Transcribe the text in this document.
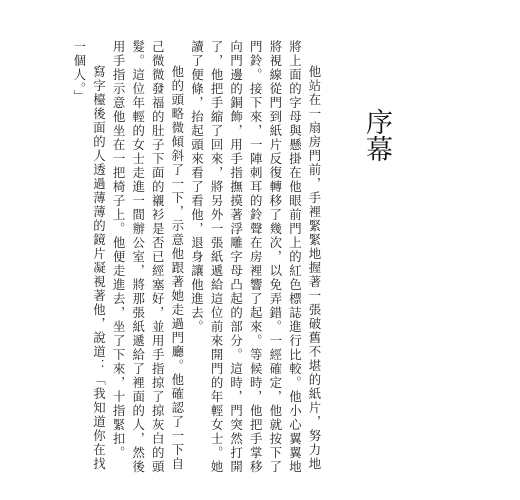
序幕

他站在一扇房門前，手裡緊緊地握著一張破舊不堪的紙片，努力地將上面的字母與懸掛在他眼前門上的紅色標誌進行比較。他小心翼翼地將視線從門到紙片反復轉移了幾次，以免弄錯。一經確定，他就按下了門鈴。接下來，一陣刺耳的鈴聲在房裡響了起來。等候時，他把手掌移向門邊的銅飾，用手指撫摸著浮雕字母凸起的部分。這時，門突然打開了，他把手縮了回來，將另外一張紙遞給這位前來開門的年輕女士。她讀了便條，抬起頭來看了看他，退身讓他進去。

他的頭略微傾斜了一下，示意他跟著她走過門廳。他確認了一下自己微微發福的肚子下面的襯衫是否已經塞好，並用手指掠了掠灰白的頭髮。這位年輕的女士走進一間辦公室，將那張紙遞給了裡面的人，然後用手指示意他坐在一把椅子上。他便走進去，坐了下來，十指緊扣。

寫字檯後面的人透過薄薄的鏡片凝視著他，說道：「我知道你在找一個人。」
